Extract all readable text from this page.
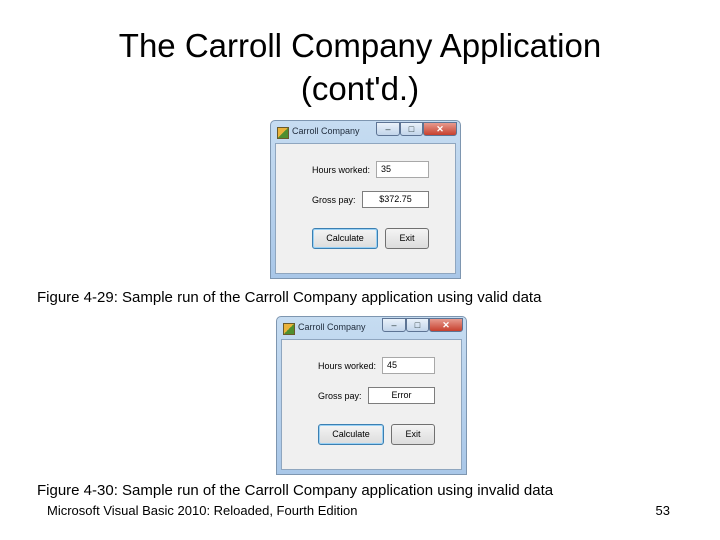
The Carroll Company Application
(cont'd.)
Carroll Company	–	□	✕
Hours worked:	35
Gross pay:	$372.75
Calculate	Exit
Figure 4-29: Sample run of the Carroll Company application using valid data
Carroll Company	–	□	✕
Hours worked:	45
Gross pay:	Error
Calculate	Exit
Figure 4-30: Sample run of the Carroll Company application using invalid data
Microsoft Visual Basic 2010: Reloaded, Fourth Edition	53
